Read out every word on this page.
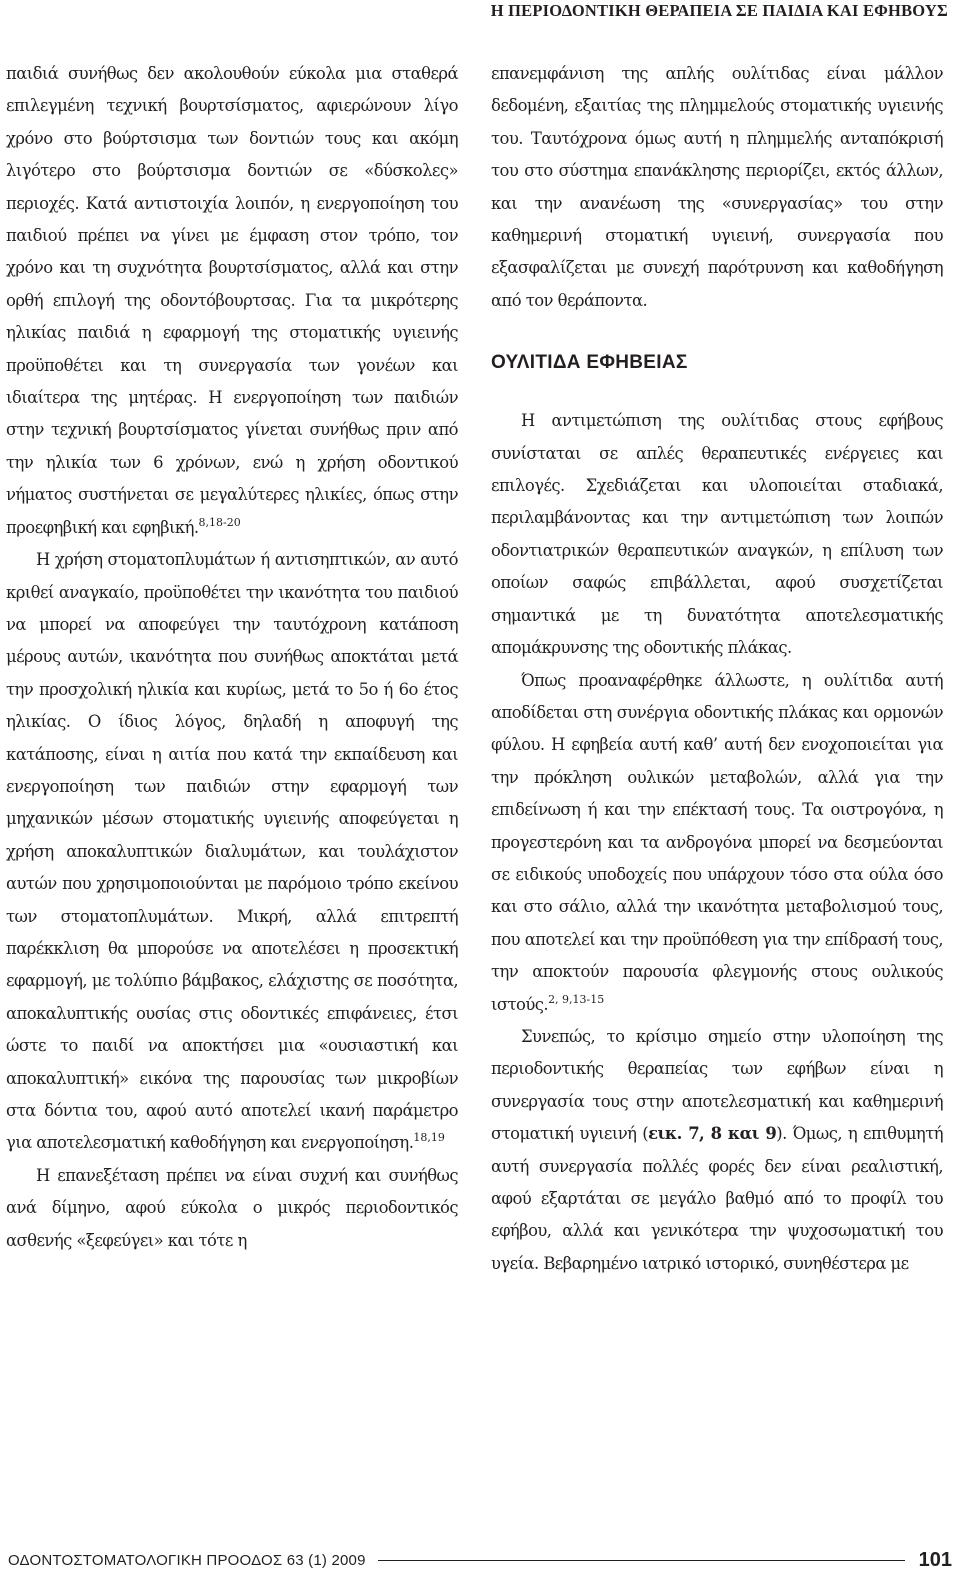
Η ΠΕΡΙΟΔΟΝΤΙΚΗ ΘΕΡΑΠΕΙΑ ΣΕ ΠΑΙΔΙΑ ΚΑΙ ΕΦΗΒΟΥΣ

παιδιά συνήθως δεν ακολουθούν εύκολα μια σταθερά επιλεγμένη τεχνική βουρτσίσματος, αφιερώνουν λίγο χρόνο στο βούρτσισμα των δοντιών τους και ακόμη λιγότερο στο βούρτσισμα δοντιών σε «δύσκολες» περιοχές. Κατά αντιστοιχία λοιπόν, η ενεργοποίηση του παιδιού πρέπει να γίνει με έμφαση στον τρόπο, τον χρόνο και τη συχνότητα βουρτσίσματος, αλλά και στην ορθή επιλογή της οδοντόβουρτσας. Για τα μικρότερης ηλικίας παιδιά η εφαρμογή της στοματικής υγιεινής προϋποθέτει και τη συνεργασία των γονέων και ιδιαίτερα της μητέρας. Η ενεργοποίηση των παιδιών στην τεχνική βουρτσίσματος γίνεται συνήθως πριν από την ηλικία των 6 χρόνων, ενώ η χρήση οδοντικού νήματος συστήνεται σε μεγαλύτερες ηλικίες, όπως στην προεφηβική και εφηβική.$^{8,18-20}$

Η χρήση στοματοπλυμάτων ή αντισηπτικών, αν αυτό κριθεί αναγκαίο, προϋποθέτει την ικανότητα του παιδιού να μπορεί να αποφεύγει την ταυτόχρονη κατάποση μέρους αυτών, ικανότητα που συνήθως αποκτάται μετά την προσχολική ηλικία και κυρίως, μετά το 5ο ή 6ο έτος ηλικίας. Ο ίδιος λόγος, δηλαδή η αποφυγή της κατάποσης, είναι η αιτία που κατά την εκπαίδευση και ενεργοποίηση των παιδιών στην εφαρμογή των μηχανικών μέσων στοματικής υγιεινής αποφεύγεται η χρήση αποκαλυπτικών διαλυμάτων, και τουλάχιστον αυτών που χρησιμοποιούνται με παρόμοιο τρόπο εκείνου των στοματοπλυμάτων. Μικρή, αλλά επιτρεπτή παρέκκλιση θα μπορούσε να αποτελέσει η προσεκτική εφαρμογή, με τολύπιο βάμβακος, ελάχιστης σε ποσότητα, αποκαλυπτικής ουσίας στις οδοντικές επιφάνειες, έτσι ώστε το παιδί να αποκτήσει μια «ουσιαστική και αποκαλυπτική» εικόνα της παρουσίας των μικροβίων στα δόντια του, αφού αυτό αποτελεί ικανή παράμετρο για αποτελεσματική καθοδήγηση και ενεργοποίηση.$^{18,19}$

Η επανεξέταση πρέπει να είναι συχνή και συνήθως ανά δίμηνο, αφού εύκολα ο μικρός περιοδοντικός ασθενής «ξεφεύγει» και τότε η

επανεμφάνιση της απλής ουλίτιδας είναι μάλλον δεδομένη, εξαιτίας της πλημμελούς στοματικής υγιεινής του. Ταυτόχρονα όμως αυτή η πλημμελής ανταπόκρισή του στο σύστημα επανάκλησης περιορίζει, εκτός άλλων, και την ανανέωση της «συνεργασίας» του στην καθημερινή στοματική υγιεινή, συνεργασία που εξασφαλίζεται με συνεχή παρότρυνση και καθοδήγηση από τον θεράποντα.

ΟΥΛΙΤΙΔΑ ΕΦΗΒΕΙΑΣ

Η αντιμετώπιση της ουλίτιδας στους εφήβους συνίσταται σε απλές θεραπευτικές ενέργειες και επιλογές. Σχεδιάζεται και υλοποιείται σταδιακά, περιλαμβάνοντας και την αντιμετώπιση των λοιπών οδοντιατρικών θεραπευτικών αναγκών, η επίλυση των οποίων σαφώς επιβάλλεται, αφού συσχετίζεται σημαντικά με τη δυνατότητα αποτελεσματικής απομάκρυνσης της οδοντικής πλάκας.

Όπως προαναφέρθηκε άλλωστε, η ουλίτιδα αυτή αποδίδεται στη συνέργια οδοντικής πλάκας και ορμονών φύλου. Η εφηβεία αυτή καθ’ αυτή δεν ενοχοποιείται για την πρόκληση ουλικών μεταβολών, αλλά για την επιδείνωση ή και την επέκτασή τους. Τα οιστρογόνα, η προγεστερόνη και τα ανδρογόνα μπορεί να δεσμεύονται σε ειδικούς υποδοχείς που υπάρχουν τόσο στα ούλα όσο και στο σάλιο, αλλά την ικανότητα μεταβολισμού τους, που αποτελεί και την προϋπόθεση για την επίδρασή τους, την αποκτούν παρουσία φλεγμονής στους ουλικούς ιστούς.$^{2, 9,13-15}$

Συνεπώς, το κρίσιμο σημείο στην υλοποίηση της περιοδοντικής θεραπείας των εφήβων είναι η συνεργασία τους στην αποτελεσματική και καθημερινή στοματική υγιεινή (εικ. 7, 8 και 9). Όμως, η επιθυμητή αυτή συνεργασία πολλές φορές δεν είναι ρεαλιστική, αφού εξαρτάται σε μεγάλο βαθμό από το προφίλ του εφήβου, αλλά και γενικότερα την ψυχοσωματική του υγεία. Βεβαρημένο ιατρικό ιστορικό, συνηθέστερα με

ΟΔΟΝΤΟΣΤΟΜΑΤΟΛΟΓΙΚΗ ΠΡΟΟΔΟΣ 63 (1) 2009	101
